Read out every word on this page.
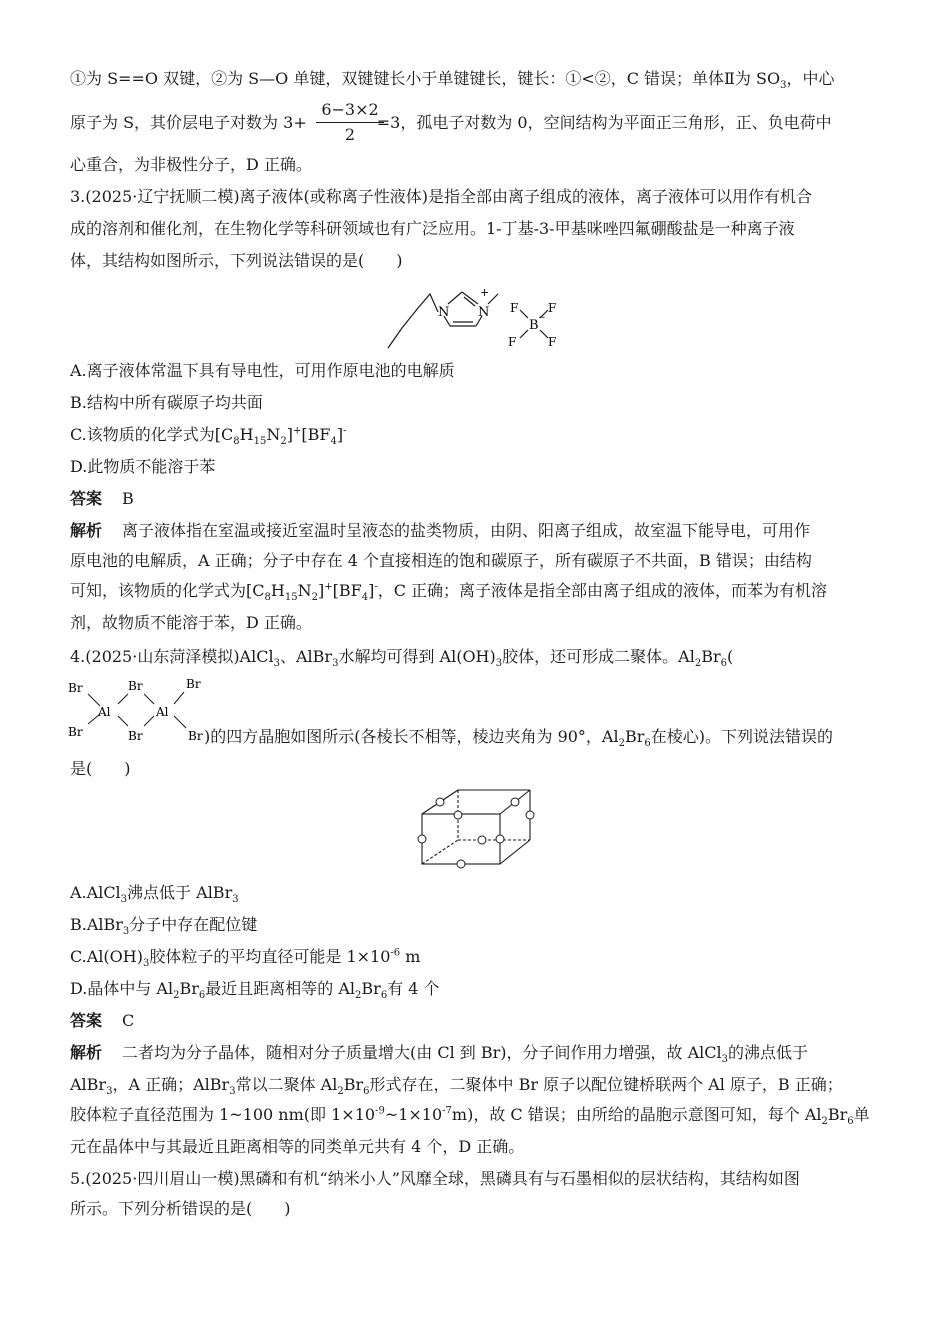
①为 S==O 双键，②为 S—O 单键，双键键长小于单键键长，键长：①<②，C 错误；单体Ⅱ为 $SO_3$，中心
原子为 S，其价层电子对数为 3+	=3，孤电子对数为 0，空间结构为平面正三角形，正、负电荷中
6−3×2
2
心重合，为非极性分子，D 正确。
3.(2025·辽宁抚顺二模)离子液体(或称离子性液体)是指全部由离子组成的液体，离子液体可以用作有机合
成的溶剂和催化剂，在生物化学等科研领域也有广泛应用。1-丁基-3-甲基咪唑四氟硼酸盐是一种离子液
体，其结构如图所示，下列说法错误的是(　　)
N N
+
B −
F F
F	F
A.离子液体常温下具有导电性，可用作原电池的电解质
B.结构中所有碳原子均共面
C.该物质的化学式为$[C_8H_{15}N_2]^+[BF_4]^-$
D.此物质不能溶于苯
答案 B
解析 离子液体指在室温或接近室温时呈液态的盐类物质，由阴、阳离子组成，故室温下能导电，可用作
原电池的电解质，A 正确；分子中存在 4 个直接相连的饱和碳原子，所有碳原子不共面，B 错误；由结构
可知，该物质的化学式为$[C_8H_{15}N_2]^+[BF_4]^-$，C 正确；离子液体是指全部由离子组成的液体，而苯为有机溶
剂，故物质不能溶于苯，D 正确。
4.(2025·山东菏泽模拟)AlCl$_3$、AlBr$_3$水解均可得到 $Al(OH)_3$胶体，还可形成二聚体。$Al_2Br_6$(
Br
Br
Al
Br
Br
Al
Br
Br )的四方晶胞如图所示(各棱长不相等，棱边夹角为 90°，$Al_2Br_6$在棱心)。下列说法错误的
是(　　)
A.AlCl$_3$沸点低于 AlBr$_3$
B.AlBr$_3$分子中存在配位键
$C.Al(OH)_3$胶体粒子的平均直径可能是 $1\times 10^{-6}$ m
D.晶体中与 $Al_2Br_6$最近且距离相等的 $Al_2Br_6$有 4 个
答案 C
解析 二者均为分子晶体，随相对分子质量增大(由 Cl 到 Br)，分子间作用力增强，故 AlCl$_3$的沸点低于
AlBr$_3$，A 正确；AlBr$_3$常以二聚体 $Al_2Br_6$形式存在，二聚体中 Br 原子以配位键桥联两个 Al 原子，B 正确；
胶体粒子直径范围为 1~100 nm(即 $1\times 10^{-9}\sim 1\times 10^{-7}m$)，故 C 错误；由所给的晶胞示意图可知，每个 $Al_2Br_6$单
元在晶体中与其最近且距离相等的同类单元共有 4 个，D 正确。
5.(2025·四川眉山一模)黑磷和有机“纳米小人”风靡全球，黑磷具有与石墨相似的层状结构，其结构如图
所示。下列分析错误的是(　　)
